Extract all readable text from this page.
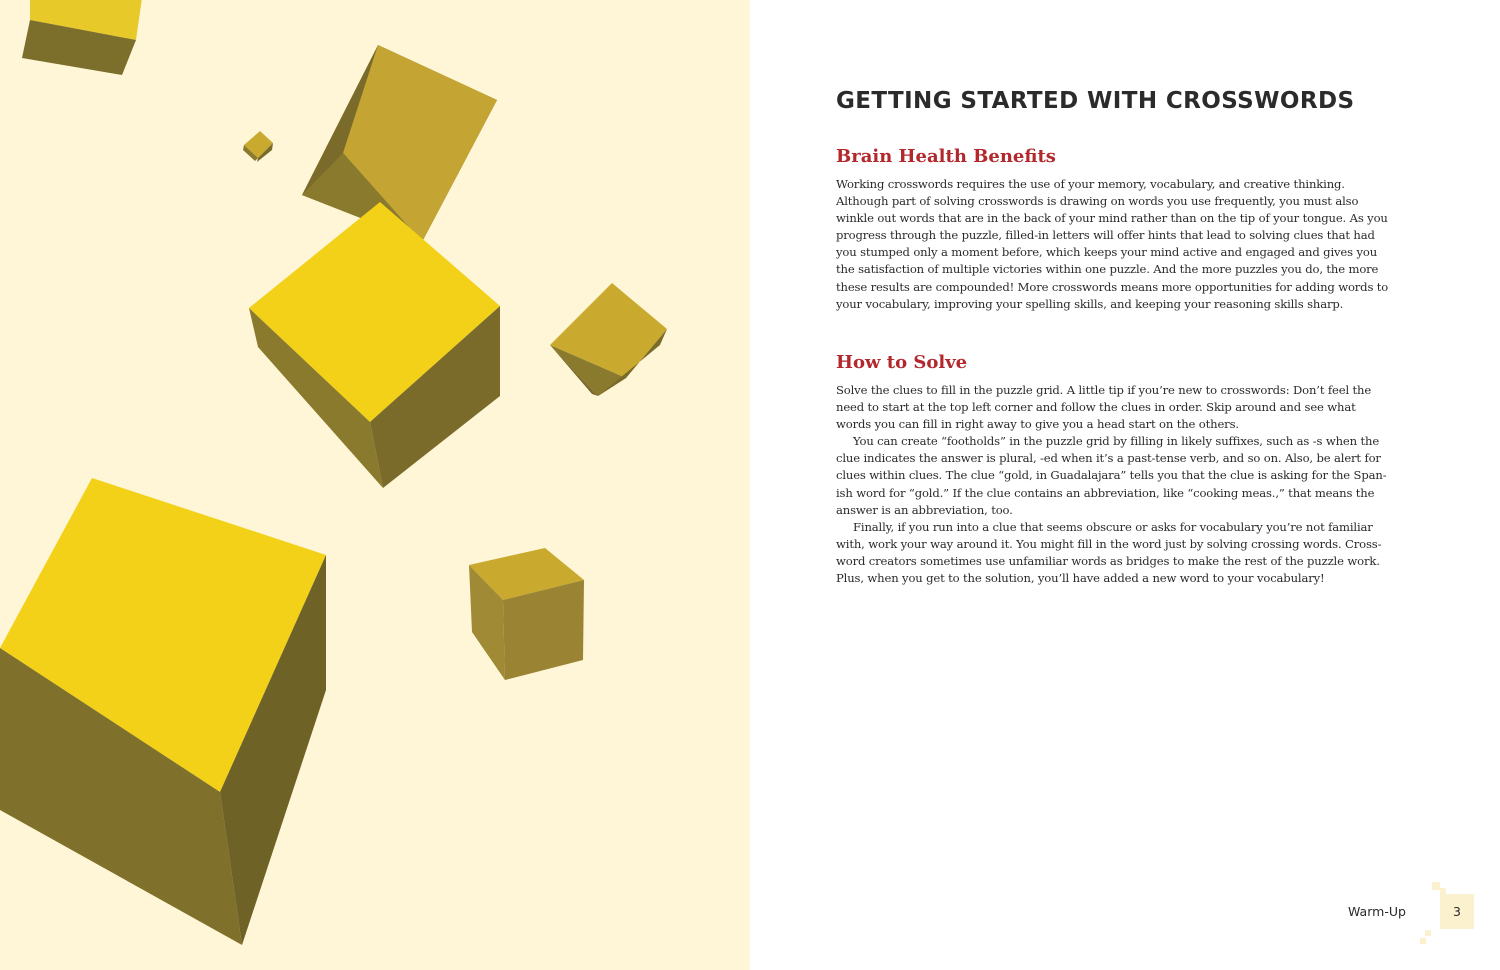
GETTING STARTED WITH CROSSWORDS
Brain Health Benefits
Working crosswords requires the use of your memory, vocabulary, and creative thinking.
Although part of solving crosswords is drawing on words you use frequently, you must also
winkle out words that are in the back of your mind rather than on the tip of your tongue. As you
progress through the puzzle, filled-in letters will offer hints that lead to solving clues that had
you stumped only a moment before, which keeps your mind active and engaged and gives you
the satisfaction of multiple victories within one puzzle. And the more puzzles you do, the more
these results are compounded! More crosswords means more opportunities for adding words to
your vocabulary, improving your spelling skills, and keeping your reasoning skills sharp.
How to Solve
Solve the clues to fill in the puzzle grid. A little tip if you’re new to crosswords: Don’t feel the
need to start at the top left corner and follow the clues in order. Skip around and see what
words you can fill in right away to give you a head start on the others.
You can create “footholds” in the puzzle grid by filling in likely suffixes, such as -s when the
clue indicates the answer is plural, -ed when it’s a past-tense verb, and so on. Also, be alert for
clues within clues. The clue “gold, in Guadalajara” tells you that the clue is asking for the Span-
ish word for “gold.” If the clue contains an abbreviation, like “cooking meas.,” that means the
answer is an abbreviation, too.
Finally, if you run into a clue that seems obscure or asks for vocabulary you’re not familiar
with, work your way around it. You might fill in the word just by solving crossing words. Cross-
word creators sometimes use unfamiliar words as bridges to make the rest of the puzzle work.
Plus, when you get to the solution, you’ll have added a new word to your vocabulary!
Warm-Up	3
